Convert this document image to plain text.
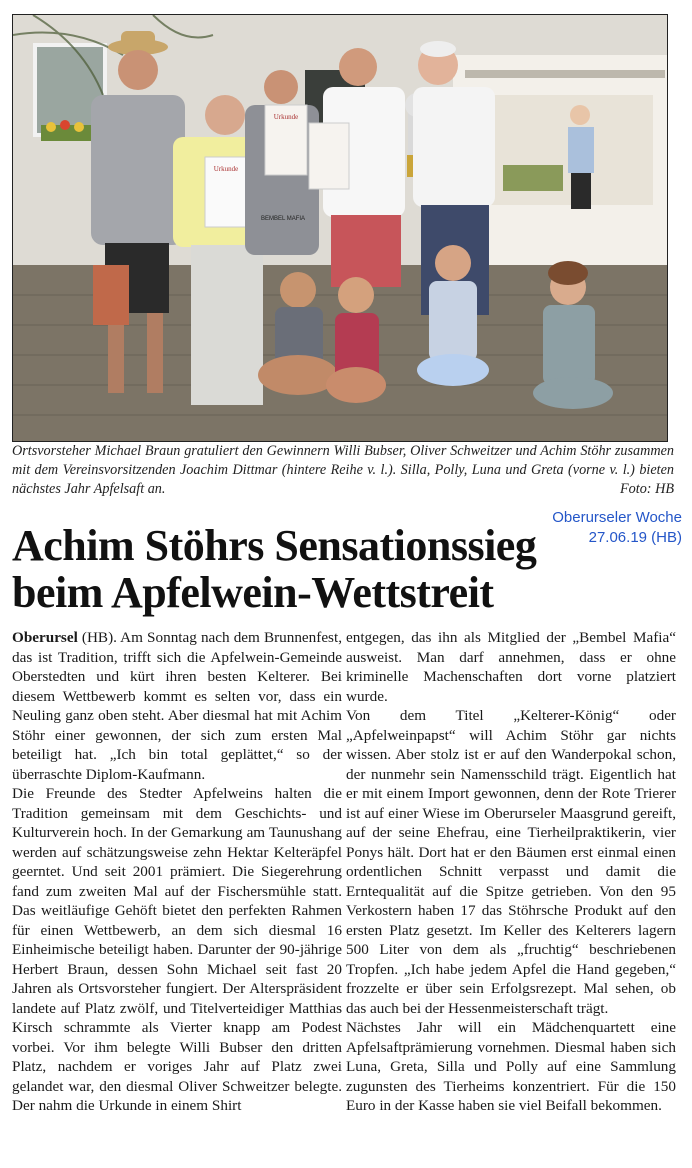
Urkunde
Urkunde
BEMBEL MAFIA
Ortsvorsteher Michael Braun gratuliert den Gewinnern Willi Bubser, Oliver Schweitzer und Achim Stöhr zusammen mit dem Vereinsvorsitzenden Joachim Dittmar (hintere Reihe v. l.). Silla, Polly, Luna und Greta (vorne v. l.) bieten nächstes Jahr Apfelsaft an.	Foto: HB
Oberurseler Woche
27.06.19 (HB)
Achim Stöhrs Sensationssieg
beim Apfelwein-Wettstreit

Oberursel (HB). Am Sonntag nach dem Brunnenfest, das ist Tradition, trifft sich die Apfelwein-Gemeinde Oberstedten und kürt ihren besten Kelterer. Bei diesem Wettbewerb kommt es selten vor, dass ein Neuling ganz oben steht. Aber diesmal hat mit Achim Stöhr einer gewonnen, der sich zum ersten Mal beteiligt hat. „Ich bin total geplättet,“ so der überraschte Diplom-Kaufmann.

Die Freunde des Stedter Apfelweins halten die Tradition gemeinsam mit dem Geschichts- und Kulturverein hoch. In der Gemarkung am Taunushang werden auf schätzungsweise zehn Hektar Kelteräpfel geerntet. Und seit 2001 prämiert. Die Siegerehrung fand zum zweiten Mal auf der Fischersmühle statt. Das weitläufige Gehöft bietet den perfekten Rahmen für einen Wettbewerb, an dem sich diesmal 16 Einheimische beteiligt haben. Darunter der 90-jährige Herbert Braun, dessen Sohn Michael seit fast 20 Jahren als Ortsvorsteher fungiert. Der Alterspräsident landete auf Platz zwölf, und Titelverteidiger Matthias Kirsch schrammte als Vierter knapp am Podest vorbei. Vor ihm belegte Willi Bubser den dritten Platz, nachdem er voriges Jahr auf Platz zwei gelandet war, den diesmal Oliver Schweitzer belegte. Der nahm die Urkunde in einem Shirt

entgegen, das ihn als Mitglied der „Bembel Mafia“ ausweist. Man darf annehmen, dass er ohne kriminelle Machenschaften dort vorne platziert wurde.

Von dem Titel „Kelterer-König“ oder „Apfelweinpapst“ will Achim Stöhr gar nichts wissen. Aber stolz ist er auf den Wanderpokal schon, der nunmehr sein Namensschild trägt. Eigentlich hat er mit einem Import gewonnen, denn der Rote Trierer ist auf einer Wiese im Oberurseler Maasgrund gereift, auf der seine Ehefrau, eine Tierheilpraktikerin, vier Ponys hält. Dort hat er den Bäumen erst einmal einen ordentlichen Schnitt verpasst und damit die Erntequalität auf die Spitze getrieben. Von den 95 Verkostern haben 17 das Stöhrsche Produkt auf den ersten Platz gesetzt. Im Keller des Kelterers lagern 500 Liter von dem als „fruchtig“ beschriebenen Tropfen. „Ich habe jedem Apfel die Hand gegeben,“ frozzelte er über sein Erfolgsrezept. Mal sehen, ob das auch bei der Hessenmeisterschaft trägt.

Nächstes Jahr will ein Mädchenquartett eine Apfelsaftprämierung vornehmen. Diesmal haben sich Luna, Greta, Silla und Polly auf eine Sammlung zugunsten des Tierheims konzentriert. Für die 150 Euro in der Kasse haben sie viel Beifall bekommen.
